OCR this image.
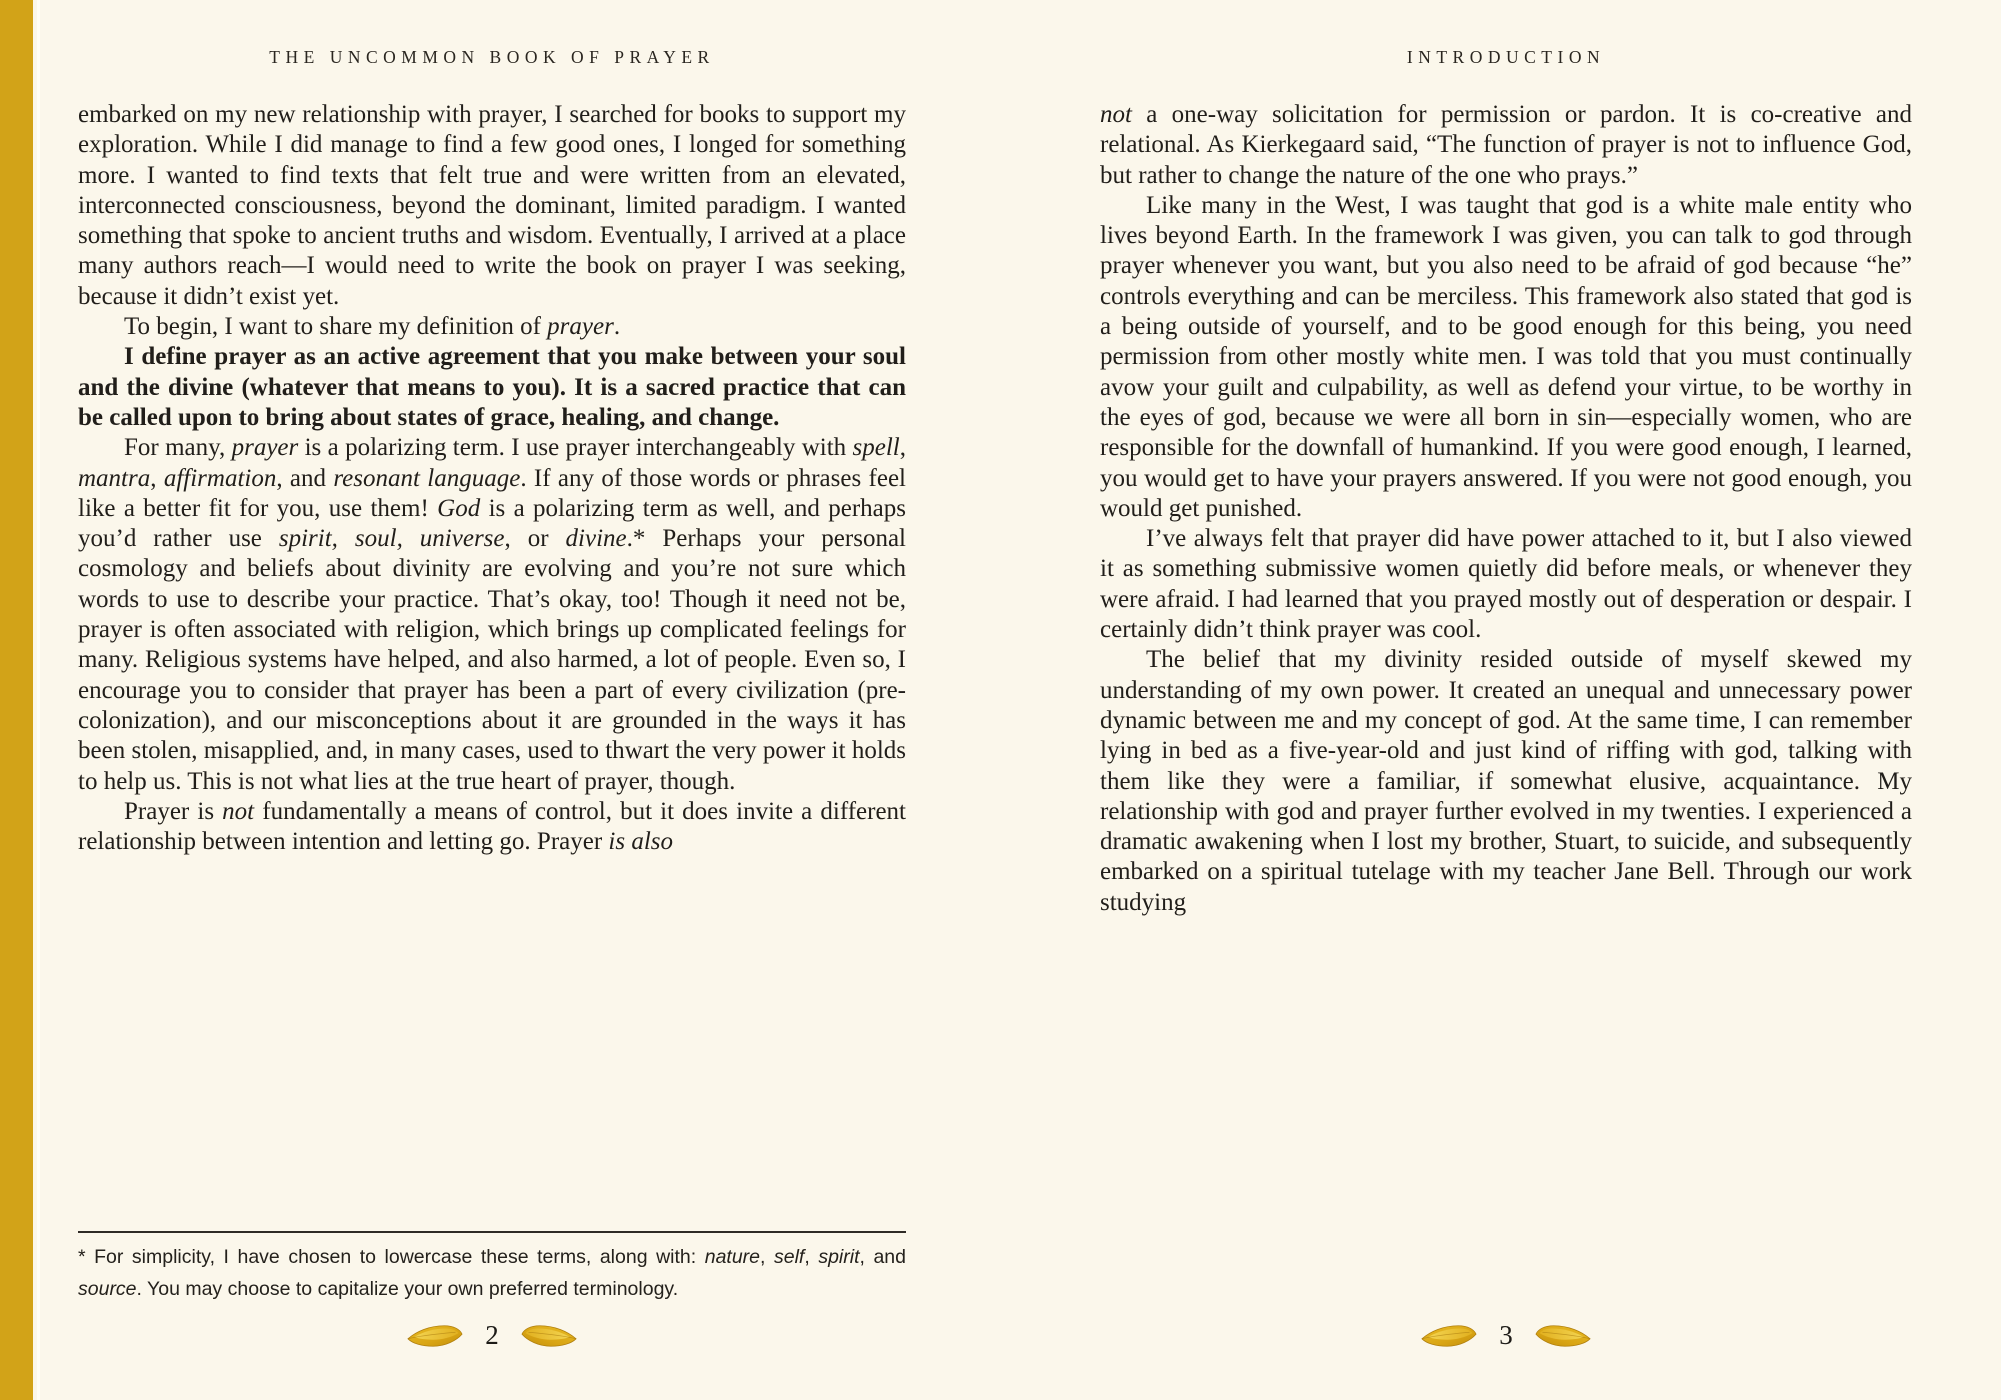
THE UNCOMMON BOOK OF PRAYER

embarked on my new relationship with prayer, I searched for books to support my exploration. While I did manage to find a few good ones, I longed for something more. I wanted to find texts that felt true and were written from an elevated, interconnected consciousness, beyond the dominant, limited paradigm. I wanted something that spoke to ancient truths and wisdom. Eventually, I arrived at a place many authors reach—I would need to write the book on prayer I was seeking, because it didn’t exist yet.

To begin, I want to share my definition of prayer.

I define prayer as an active agreement that you make between your soul and the divine (whatever that means to you). It is a sacred practice that can be called upon to bring about states of grace, healing, and change.

For many, prayer is a polarizing term. I use prayer interchangeably with spell, mantra, affirmation, and resonant language. If any of those words or phrases feel like a better fit for you, use them! God is a polarizing term as well, and perhaps you’d rather use spirit, soul, universe, or divine.* Perhaps your personal cosmology and beliefs about divinity are evolving and you’re not sure which words to use to describe your practice. That’s okay, too! Though it need not be, prayer is often associated with religion, which brings up complicated feelings for many. Religious systems have helped, and also harmed, a lot of people. Even so, I encourage you to consider that prayer has been a part of every civilization (pre-colonization), and our misconceptions about it are grounded in the ways it has been stolen, misapplied, and, in many cases, used to thwart the very power it holds to help us. This is not what lies at the true heart of prayer, though.

Prayer is not fundamentally a means of control, but it does invite a different relationship between intention and letting go. Prayer is also

* For simplicity, I have chosen to lowercase these terms, along with: nature, self, spirit, and source. You may choose to capitalize your own preferred terminology.

2
INTRODUCTION

not a one-way solicitation for permission or pardon. It is co-creative and relational. As Kierkegaard said, “The function of prayer is not to influence God, but rather to change the nature of the one who prays.”

Like many in the West, I was taught that god is a white male entity who lives beyond Earth. In the framework I was given, you can talk to god through prayer whenever you want, but you also need to be afraid of god because “he” controls everything and can be merciless. This framework also stated that god is a being outside of yourself, and to be good enough for this being, you need permission from other mostly white men. I was told that you must continually avow your guilt and culpability, as well as defend your virtue, to be worthy in the eyes of god, because we were all born in sin—especially women, who are responsible for the downfall of humankind. If you were good enough, I learned, you would get to have your prayers answered. If you were not good enough, you would get punished.

I’ve always felt that prayer did have power attached to it, but I also viewed it as something submissive women quietly did before meals, or whenever they were afraid. I had learned that you prayed mostly out of desperation or despair. I certainly didn’t think prayer was cool.

The belief that my divinity resided outside of myself skewed my understanding of my own power. It created an unequal and unnecessary power dynamic between me and my concept of god. At the same time, I can remember lying in bed as a five-year-old and just kind of riffing with god, talking with them like they were a familiar, if somewhat elusive, acquaintance. My relationship with god and prayer further evolved in my twenties. I experienced a dramatic awakening when I lost my brother, Stuart, to suicide, and subsequently embarked on a spiritual tutelage with my teacher Jane Bell. Through our work studying

3
